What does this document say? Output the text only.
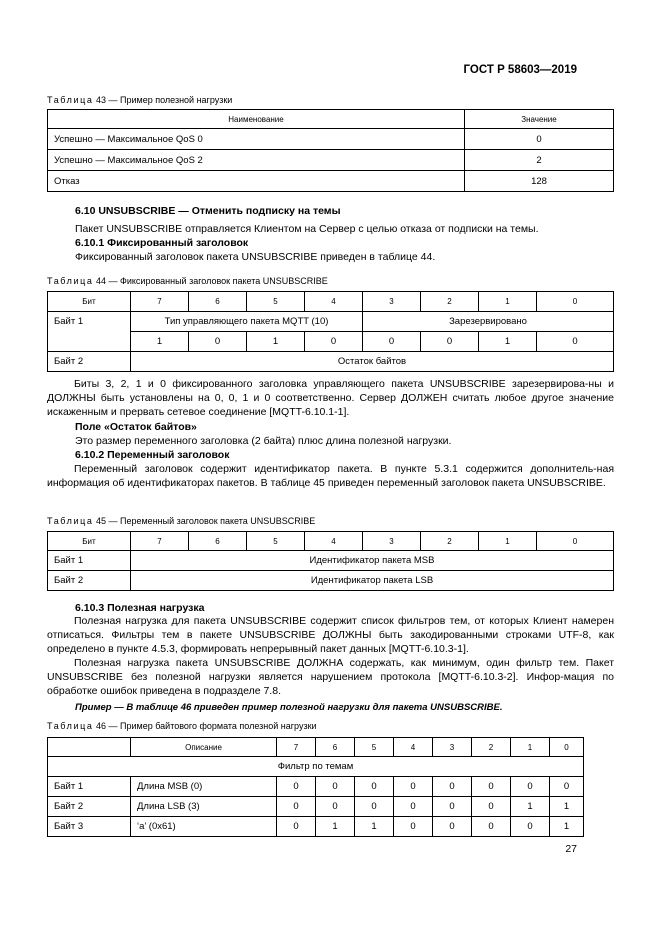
ГОСТ Р 58603—2019
Таблица 43 — Пример полезной нагрузки
Наименование	Значение
Успешно — Максимальное QoS 0	0
Успешно — Максимальное QoS 2	2
Отказ	128

6.10 UNSUBSCRIBE — Отменить подписку на темы

Пакет UNSUBSCRIBE отправляется Клиентом на Сервер с целью отказа от подписки на темы.

6.10.1 Фиксированный заголовок

Фиксированный заголовок пакета UNSUBSCRIBE приведен в таблице 44.

Таблица 44 — Фиксированный заголовок пакета UNSUBSCRIBE
Бит	7	6	5	4	3	2	1	0
Байт 1	Тип управляющего пакета MQTT (10)				Зарезервировано			
	1	0	1	0	0	0	1	0
Байт 2	Остаток байтов							

Биты 3, 2, 1 и 0 фиксированного заголовка управляющего пакета UNSUBSCRIBE зарезервирова-ны и ДОЛЖНЫ быть установлены на 0, 0, 1 и 0 соответственно. Сервер ДОЛЖЕН считать любое другое значение искаженным и прервать сетевое соединение [MQTT-6.10.1-1].

Поле «Остаток байтов»

Это размер переменного заголовка (2 байта) плюс длина полезной нагрузки.

6.10.2 Переменный заголовок

Переменный заголовок содержит идентификатор пакета. В пункте 5.3.1 содержится дополнитель-ная информация об идентификаторах пакетов. В таблице 45 приведен переменный заголовок пакета UNSUBSCRIBE.

Таблица 45 — Переменный заголовок пакета UNSUBSCRIBE
Бит	7	6	5	4	3	2	1	0
Байт 1	Идентификатор пакета MSB							
Байт 2	Идентификатор пакета LSB							

6.10.3 Полезная нагрузка

Полезная нагрузка для пакета UNSUBSCRIBE содержит список фильтров тем, от которых Клиент намерен отписаться. Фильтры тем в пакете UNSUBSCRIBE ДОЛЖНЫ быть закодированными строками UTF-8, как определено в пункте 4.5.3, формировать непрерывный пакет данных [MQTT-6.10.3-1].

Полезная нагрузка пакета UNSUBSCRIBE ДОЛЖНА содержать, как минимум, один фильтр тем. Пакет UNSUBSCRIBE без полезной нагрузки является нарушением протокола [MQTT-6.10.3-2]. Инфор-мация по обработке ошибок приведена в подразделе 7.8.

Пример — В таблице 46 приведен пример полезной нагрузки для пакета UNSUBSCRIBE.

Таблица 46 — Пример байтового формата полезной нагрузки
	Описание	7	6	5	4	3	2	1	0
Фильтр по темам									
Байт 1	Длина MSB (0)	0	0	0	0	0	0	0	0
Байт 2	Длина LSB (3)	0	0	0	0	0	0	1	1
Байт 3	‘a’ (0x61)	0	1	1	0	0	0	0	1
27
